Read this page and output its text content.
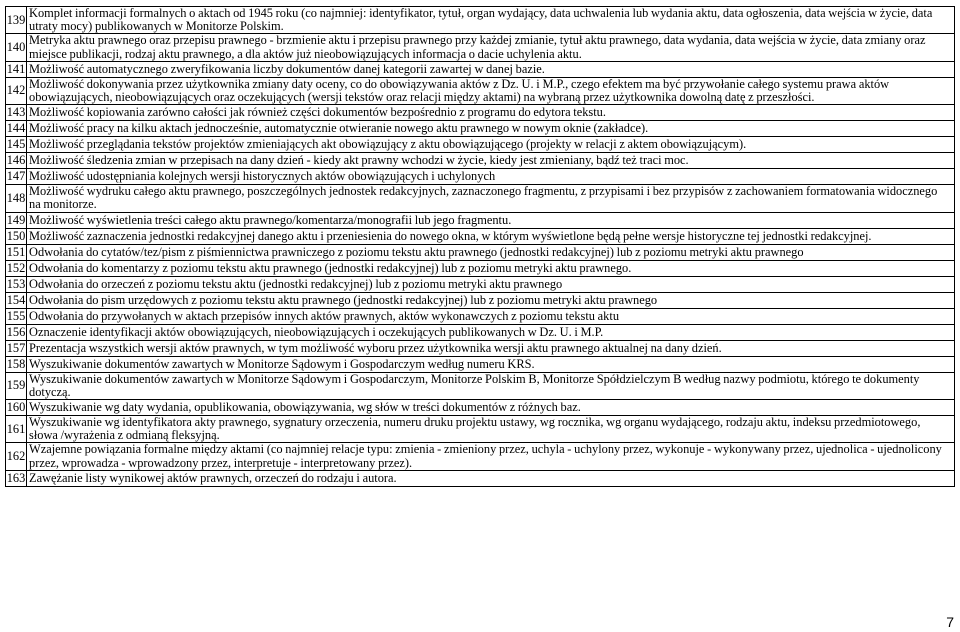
139	Komplet informacji formalnych o aktach od 1945 roku (co najmniej: identyfikator, tytuł, organ wydający, data uchwalenia lub wydania aktu, data ogłoszenia, data wejścia w życie, data utraty mocy) publikowanych w Monitorze Polskim.
140	Metryka aktu prawnego oraz przepisu prawnego - brzmienie aktu i przepisu prawnego przy każdej zmianie, tytuł aktu prawnego, data wydania, data wejścia w życie, data zmiany oraz miejsce publikacji, rodzaj aktu prawnego, a dla aktów już nieobowiązujących informacja o dacie uchylenia aktu.
141	Możliwość automatycznego zweryfikowania liczby dokumentów danej kategorii zawartej w danej bazie.
142	Możliwość dokonywania przez użytkownika zmiany daty oceny, co do obowiązywania aktów z Dz. U. i M.P., czego efektem ma być przywołanie całego systemu prawa aktów obowiązujących, nieobowiązujących oraz oczekujących (wersji tekstów oraz relacji między aktami) na wybraną przez użytkownika dowolną datę z przeszłości.
143	Możliwość kopiowania zarówno całości jak również części dokumentów bezpośrednio z programu do edytora tekstu.
144	Możliwość pracy na kilku aktach jednocześnie, automatycznie otwieranie nowego aktu prawnego w nowym oknie (zakładce).
145	Możliwość przeglądania tekstów projektów zmieniających akt obowiązujący z aktu obowiązującego (projekty w relacji z aktem obowiązującym).
146	Możliwość śledzenia zmian w przepisach na dany dzień - kiedy akt prawny wchodzi w życie, kiedy jest zmieniany, bądź też traci moc.
147	Możliwość udostępniania kolejnych wersji historycznych aktów obowiązujących i uchylonych
148	Możliwość wydruku całego aktu prawnego, poszczególnych jednostek redakcyjnych, zaznaczonego fragmentu, z przypisami i bez przypisów z zachowaniem formatowania widocznego na monitorze.
149	Możliwość wyświetlenia treści całego aktu prawnego/komentarza/monografii lub jego fragmentu.
150	Możliwość zaznaczenia jednostki redakcyjnej danego aktu i przeniesienia do nowego okna, w którym wyświetlone będą pełne wersje historyczne tej jednostki redakcyjnej.
151	Odwołania do cytatów/tez/pism z piśmiennictwa prawniczego z poziomu tekstu aktu prawnego (jednostki redakcyjnej) lub z poziomu metryki aktu prawnego
152	Odwołania do komentarzy z poziomu tekstu aktu prawnego (jednostki redakcyjnej) lub z poziomu metryki aktu prawnego.
153	Odwołania do orzeczeń z poziomu tekstu aktu (jednostki redakcyjnej) lub z poziomu metryki aktu prawnego
154	Odwołania do pism urzędowych z poziomu tekstu aktu prawnego (jednostki redakcyjnej) lub z poziomu metryki aktu prawnego
155	Odwołania do przywołanych w aktach przepisów innych aktów prawnych, aktów wykonawczych z poziomu tekstu aktu
156	Oznaczenie identyfikacji aktów obowiązujących, nieobowiązujących i oczekujących publikowanych w Dz. U. i M.P.
157	Prezentacja wszystkich wersji aktów prawnych, w tym możliwość wyboru przez użytkownika wersji aktu prawnego aktualnej na dany dzień.
158	Wyszukiwanie dokumentów zawartych w Monitorze Sądowym i Gospodarczym według numeru KRS.
159	Wyszukiwanie dokumentów zawartych w Monitorze Sądowym i Gospodarczym, Monitorze Polskim B, Monitorze Spółdzielczym B według nazwy podmiotu, którego te dokumenty dotyczą.
160	Wyszukiwanie wg daty wydania, opublikowania, obowiązywania, wg słów w treści dokumentów z różnych baz.
161	Wyszukiwanie wg identyfikatora akty prawnego, sygnatury orzeczenia, numeru druku projektu ustawy, wg rocznika, wg organu wydającego, rodzaju aktu, indeksu przedmiotowego, słowa /wyrażenia z odmianą fleksyjną.
162	Wzajemne powiązania formalne między aktami (co najmniej relacje typu: zmienia - zmieniony przez, uchyla - uchylony przez, wykonuje - wykonywany przez, ujednolica - ujednolicony przez, wprowadza - wprowadzony przez, interpretuje - interpretowany przez).
163	Zawężanie listy wynikowej aktów prawnych, orzeczeń do rodzaju i autora.
7
